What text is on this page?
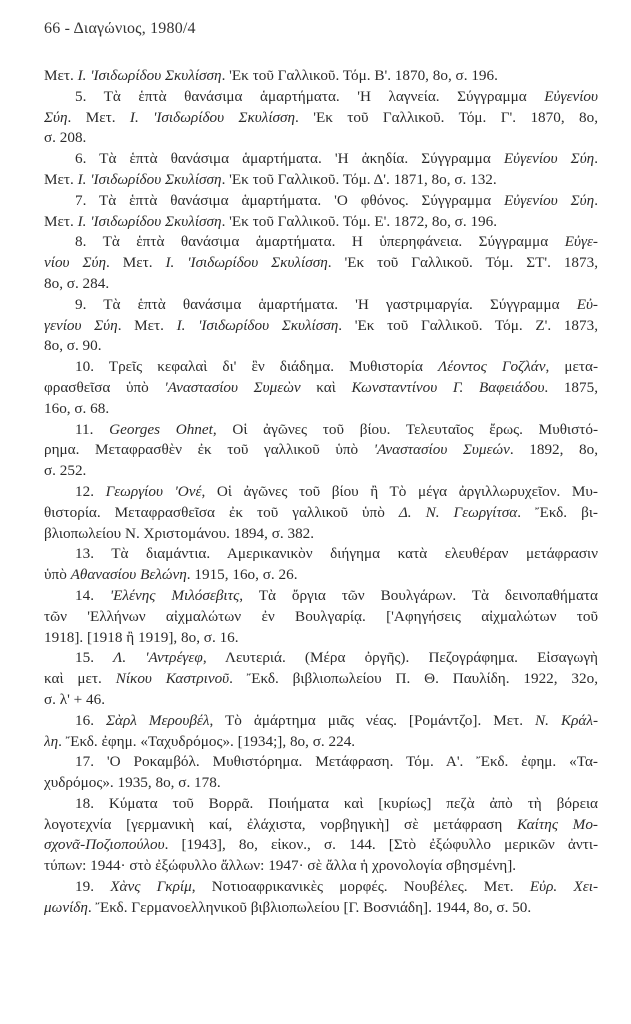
66 - Διαγώνιος, 1980/4
Μετ. Ι. 'Ισιδωρίδου Σκυλίσση. 'Εκ τοῦ Γαλλικοῦ. Τόμ. Β'. 1870, 8ο, σ. 196.
5. Τὰ ἑπτὰ θανάσιμα ἁμαρτήματα. 'Η λαγνεία. Σύγγραμμα Εὐγενίου
Σύη. Μετ. Ι. 'Ισιδωρίδου Σκυλίσση. 'Εκ τοῦ Γαλλικοῦ. Τόμ. Γ'. 1870, 8ο,
σ. 208.
6. Τὰ ἑπτὰ θανάσιμα ἁμαρτήματα. 'Η ἀκηδία. Σύγγραμμα Εὐγενίου Σύη.
Μετ. Ι. 'Ισιδωρίδου Σκυλίσση. 'Εκ τοῦ Γαλλικοῦ. Τόμ. Δ'. 1871, 8ο, σ. 132.
7. Τὰ ἑπτὰ θανάσιμα ἁμαρτήματα. 'Ο φθόνος. Σύγγραμμα Εὐγενίου Σύη.
Μετ. Ι. 'Ισιδωρίδου Σκυλίσση. 'Εκ τοῦ Γαλλικοῦ. Τόμ. Ε'. 1872, 8ο, σ. 196.
8. Τὰ ἑπτὰ θανάσιμα ἁμαρτήματα. Η ὑπερηφάνεια. Σύγγραμμα Εὐγε-
νίου Σύη. Μετ. Ι. 'Ισιδωρίδου Σκυλίσση. 'Εκ τοῦ Γαλλικοῦ. Τόμ. ΣΤ'. 1873,
8ο, σ. 284.
9. Τὰ ἑπτὰ θανάσιμα ἁμαρτήματα. 'Η γαστριμαργία. Σύγγραμμα Εὐ-
γενίου Σύη. Μετ. Ι. 'Ισιδωρίδου Σκυλίσση. 'Εκ τοῦ Γαλλικοῦ. Τόμ. Ζ'. 1873,
8ο, σ. 90.
10. Τρεῖς κεφαλαὶ δι' ἓν διάδημα. Μυθιστορία Λέοντος Γοζλάν, μετα-
φρασθεῖσα ὑπὸ 'Αναστασίου Συμεὼν καὶ Κωνσταντίνου Γ. Βαφειάδου. 1875,
16ο, σ. 68.
11. Georges Ohnet, Οἱ ἀγῶνες τοῦ βίου. Τελευταῖος ἔρως. Μυθιστό-
ρημα. Μεταφρασθὲν ἐκ τοῦ γαλλικοῦ ὑπὸ 'Αναστασίου Συμεών. 1892, 8ο,
σ. 252.
12. Γεωργίου 'Ονέ, Οἱ ἀγῶνες τοῦ βίου ἢ Τὸ μέγα ἀργιλλωρυχεῖον. Μυ-
θιστορία. Μεταφρασθεῖσα ἐκ τοῦ γαλλικοῦ ὑπὸ Δ. Ν. Γεωργίτσα. Ἔκδ. βι-
βλιοπωλείου Ν. Χριστομάνου. 1894, σ. 382.
13. Τὰ διαμάντια. Αμερικανικὸν διήγημα κατὰ ελευθέραν μετάφρασιν
ὑπὸ Αθανασίου Βελώνη. 1915, 16ο, σ. 26.
14. 'Ελένης Μιλόσεβιτς, Τὰ ὄργια τῶν Βουλγάρων. Τὰ δεινοπαθήματα
τῶν 'Ελλήνων αἰχμαλώτων ἐν Βουλγαρίᾳ. ['Αφηγήσεις αἰχμαλώτων τοῦ
1918]. [1918 ἢ 1919], 8ο, σ. 16.
15. Λ. 'Αντρέγεφ, Λευτεριά. (Μέρα ὀργῆς). Πεζογράφημα. Εἰσαγωγὴ
καὶ μετ. Νίκου Καστρινοῦ. Ἔκδ. βιβλιοπωλείου Π. Θ. Παυλίδη. 1922, 32ο,
σ. λ' + 46.
16. Σὰρλ Μερουβέλ, Τὸ ἁμάρτημα μιᾶς νέας. [Ρομάντζο]. Μετ. Ν. Κράλ-
λη. Ἔκδ. ἐφημ. «Ταχυδρόμος». [1934;], 8ο, σ. 224.
17. 'Ο Ροκαμβόλ. Μυθιστόρημα. Μετάφραση. Τόμ. Α'. Ἔκδ. ἐφημ. «Τα-
χυδρόμος». 1935, 8ο, σ. 178.
18. Κύματα τοῦ Βορρᾶ. Ποιήματα καὶ [κυρίως] πεζὰ ἀπὸ τὴ βόρεια
λογοτεχνία [γερμανικὴ καί, ἐλάχιστα, νορβηγικὴ] σὲ μετάφραση Καίτης Μο-
σχονᾶ-Ποζιοπούλου. [1943], 8ο, εἰκον., σ. 144. [Στὸ ἐξώφυλλο μερικῶν ἀντι-
τύπων: 1944· στὸ ἐξώφυλλο ἄλλων: 1947· σὲ ἄλλα ἡ χρονολογία σβησμένη].
19. Χὰνς Γκρίμ, Νοτιοαφρικανικὲς μορφές. Νουβέλες. Μετ. Εὐρ. Χει-
μωνίδη. Ἔκδ. Γερμανοελληνικοῦ βιβλιοπωλείου [Γ. Βοσνιάδη]. 1944, 8ο, σ. 50.
